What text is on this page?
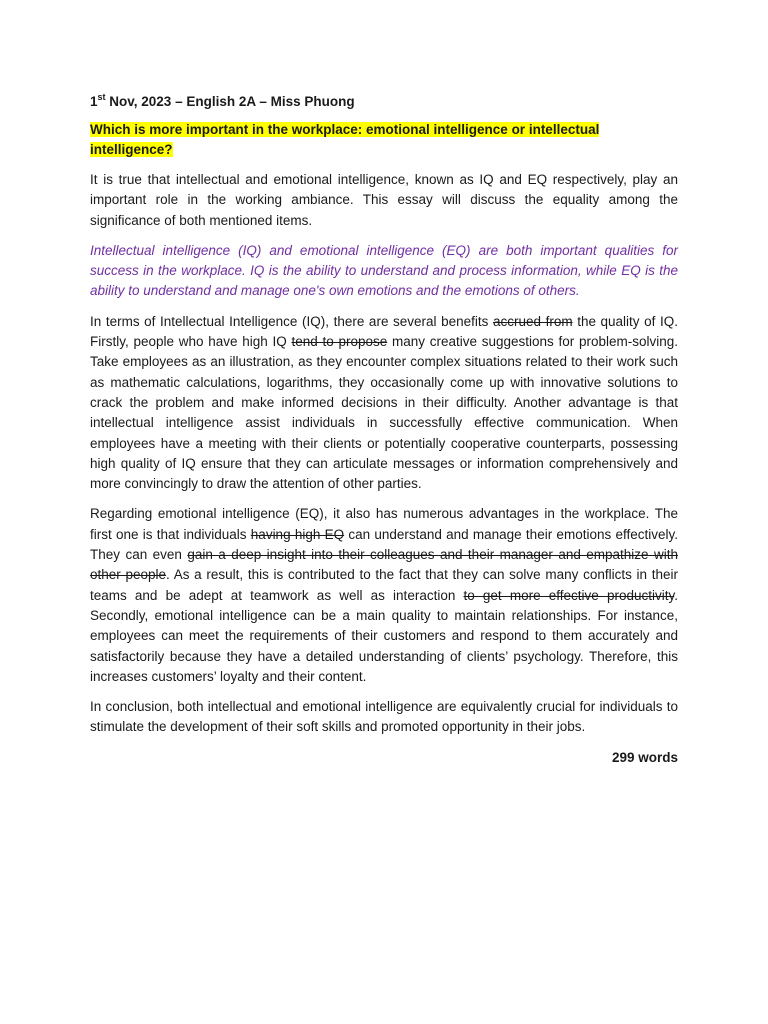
1st Nov, 2023 – English 2A – Miss Phuong
Which is more important in the workplace: emotional intelligence or intellectual intelligence?

It is true that intellectual and emotional intelligence, known as IQ and EQ respectively, play an important role in the working ambiance. This essay will discuss the equality among the significance of both mentioned items.

Intellectual intelligence (IQ) and emotional intelligence (EQ) are both important qualities for success in the workplace. IQ is the ability to understand and process information, while EQ is the ability to understand and manage one's own emotions and the emotions of others.

In terms of Intellectual Intelligence (IQ), there are several benefits accrued from the quality of IQ. Firstly, people who have high IQ tend to propose many creative suggestions for problem-solving. Take employees as an illustration, as they encounter complex situations related to their work such as mathematic calculations, logarithms, they occasionally come up with innovative solutions to crack the problem and make informed decisions in their difficulty. Another advantage is that intellectual intelligence assist individuals in successfully effective communication. When employees have a meeting with their clients or potentially cooperative counterparts, possessing high quality of IQ ensure that they can articulate messages or information comprehensively and more convincingly to draw the attention of other parties.

Regarding emotional intelligence (EQ), it also has numerous advantages in the workplace. The first one is that individuals having high EQ can understand and manage their emotions effectively. They can even gain a deep insight into their colleagues and their manager and empathize with other people. As a result, this is contributed to the fact that they can solve many conflicts in their teams and be adept at teamwork as well as interaction to get more effective productivity. Secondly, emotional intelligence can be a main quality to maintain relationships. For instance, employees can meet the requirements of their customers and respond to them accurately and satisfactorily because they have a detailed understanding of clients’ psychology. Therefore, this increases customers’ loyalty and their content.

In conclusion, both intellectual and emotional intelligence are equivalently crucial for individuals to stimulate the development of their soft skills and promoted opportunity in their jobs.

299 words
